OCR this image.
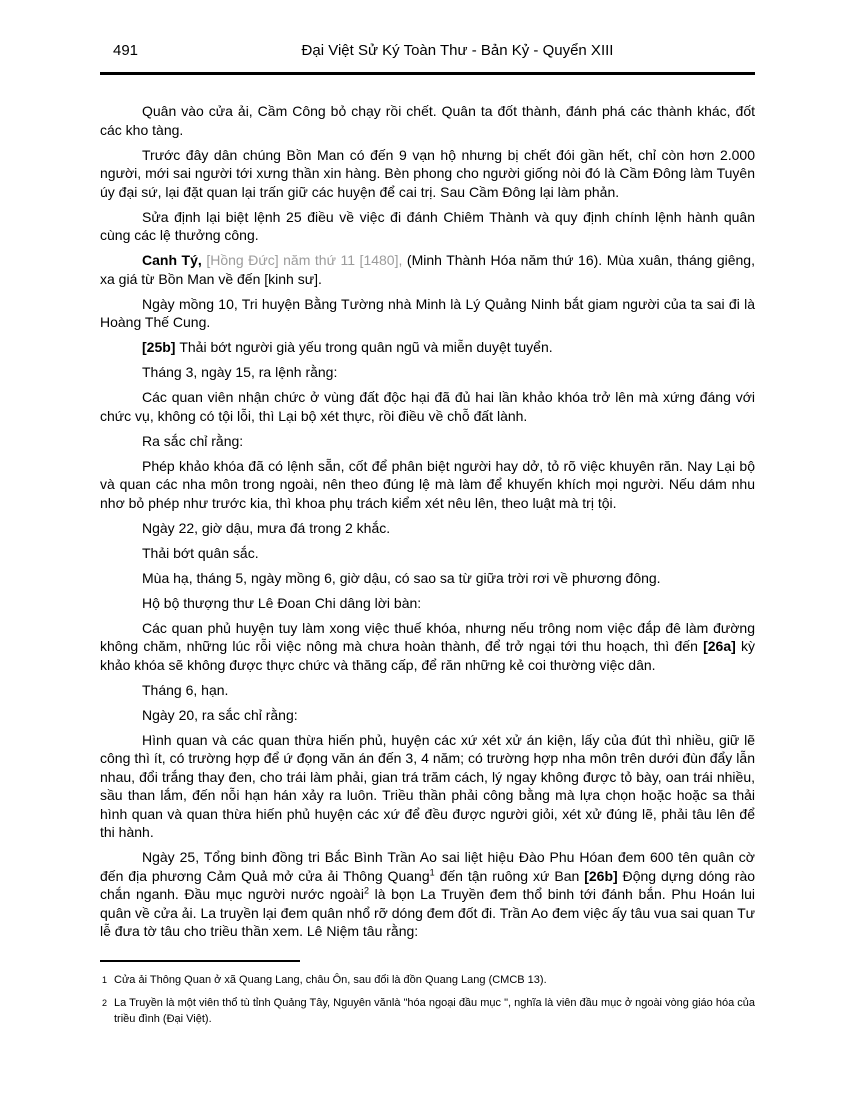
491	Đại Việt Sử Ký Toàn Thư - Bản Kỷ - Quyển XIII

Quân vào cửa ải, Cầm Công bỏ chạy rồi chết. Quân ta đốt thành, đánh phá các thành khác, đốt các kho tàng.

Trước đây dân chúng Bồn Man có đến 9 vạn hộ nhưng bị chết đói gần hết, chỉ còn hơn 2.000 người, mới sai người tới xưng thần xin hàng. Bèn phong cho người giống nòi đó là Cầm Đông làm Tuyên úy đại sứ, lại đặt quan lại trấn giữ các huyện để cai trị. Sau Cầm Đông lại làm phản.

Sửa định lại biệt lệnh 25 điều về việc đi đánh Chiêm Thành và quy định chính lệnh hành quân cùng các lệ thưởng công.

Canh Tý, [Hồng Đức] năm thứ 11 [1480], (Minh Thành Hóa năm thứ 16). Mùa xuân, tháng giêng, xa giá từ Bồn Man về đến [kinh sư].

Ngày mồng 10, Tri huyện Bằng Tường nhà Minh là Lý Quảng Ninh bắt giam người của ta sai đi là Hoàng Thế Cung.

[25b] Thải bớt người già yếu trong quân ngũ và miễn duyệt tuyển.

Tháng 3, ngày 15, ra lệnh rằng:

Các quan viên nhận chức ở vùng đất độc hại đã đủ hai lần khảo khóa trở lên mà xứng đáng với chức vụ, không có tội lỗi, thì Lại bộ xét thực, rồi điều về chỗ đất lành.

Ra sắc chỉ rằng:

Phép khảo khóa đã có lệnh sẵn, cốt để phân biệt người hay dở, tỏ rõ việc khuyên răn. Nay Lại bộ và quan các nha môn trong ngoài, nên theo đúng lệ mà làm để khuyến khích mọi người. Nếu dám nhu nhơ bỏ phép như trước kia, thì khoa phụ trách kiểm xét nêu lên, theo luật mà trị tội.

Ngày 22, giờ dậu, mưa đá trong 2 khắc.

Thải bớt quân sắc.

Mùa hạ, tháng 5, ngày mồng 6, giờ dậu, có sao sa từ giữa trời rơi về phương đông.

Hộ bộ thượng thư Lê Đoan Chi dâng lời bàn:

Các quan phủ huyện tuy làm xong việc thuế khóa, nhưng nếu trông nom việc đắp đê làm đường không chăm, những lúc rỗi việc nông mà chưa hoàn thành, để trở ngại tới thu hoạch, thì đến [26a] kỳ khảo khóa sẽ không được thực chức và thăng cấp, để răn những kẻ coi thường việc dân.

Tháng 6, hạn.

Ngày 20, ra sắc chỉ rằng:

Hình quan và các quan thừa hiến phủ, huyện các xứ xét xử án kiện, lấy của đút thì nhiều, giữ lẽ công thì ít, có trường hợp để ứ đọng văn án đến 3, 4 năm; có trường hợp nha môn trên dưới đùn đẩy lẫn nhau, đổi trắng thay đen, cho trái làm phải, gian trá trăm cách, lý ngay không được tỏ bày, oan trái nhiều, sầu than lắm, đến nỗi hạn hán xảy ra luôn. Triều thần phải công bằng mà lựa chọn hoặc hoặc sa thải hình quan và quan thừa hiến phủ huyện các xứ để đều được người giỏi, xét xử đúng lẽ, phải tâu lên để thi hành.

Ngày 25, Tổng binh đồng tri Bắc Bình Trần Ao sai liệt hiệu Đào Phu Hóan đem 600 tên quân cờ đến địa phương Cảm Quả mở cửa ải Thông Quang$^1$ đến tận ruông xứ Ban [26b] Động dựng dóng rào chắn nganh. Đầu mục người nước ngoài$^2$ là bọn La Truyền đem thổ binh tới đánh bắn. Phu Hoán lui quân về cửa ải. La truyền lại đem quân nhổ rỡ dóng đem đốt đi. Trần Ao đem việc ấy tâu vua sai quan Tư lễ đưa tờ tâu cho triều thần xem. Lê Niệm tâu rằng:

1 Cửa ải Thông Quan ở xã Quang Lang, châu Ôn, sau đổi là đồn Quang Lang (CMCB 13).

2 La Truyền là một viên thổ tù tỉnh Quảng Tây, Nguyên vănlà "hóa ngoại đầu mục ", nghĩa là viên đầu mục ở ngoài vòng giáo hóa của triều đình (Đại Việt).
